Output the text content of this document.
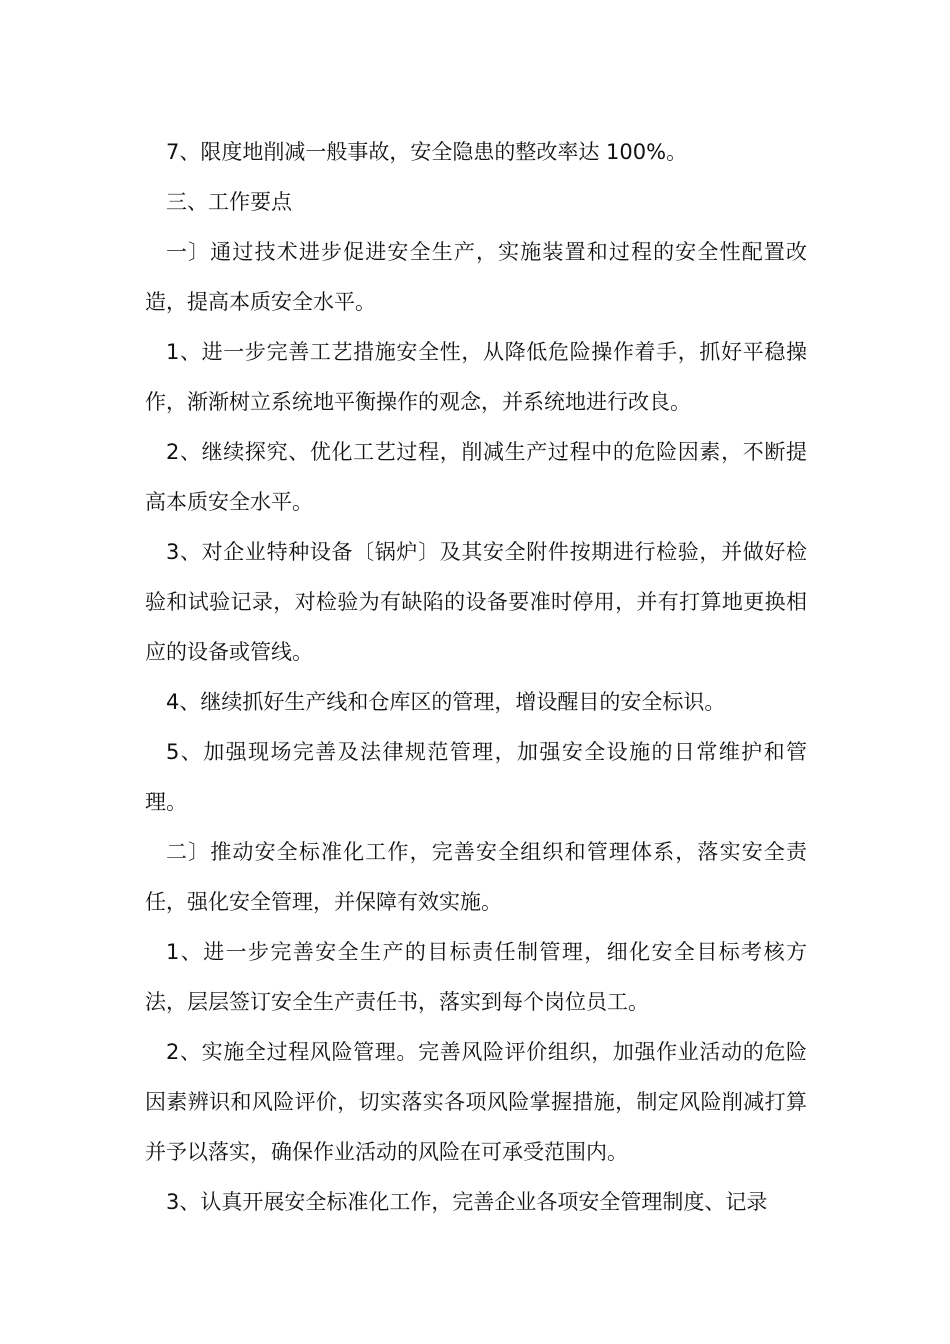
7、限度地削减一般事故，安全隐患的整改率达 100%。

三、工作要点

一〕通过技术进步促进安全生产，实施装置和过程的安全性配置改造，提高本质安全水平。

1、进一步完善工艺措施安全性，从降低危险操作着手，抓好平稳操作，渐渐树立系统地平衡操作的观念，并系统地进行改良。

2、继续探究、优化工艺过程，削减生产过程中的危险因素，不断提高本质安全水平。

3、对企业特种设备〔锅炉〕及其安全附件按期进行检验，并做好检验和试验记录，对检验为有缺陷的设备要准时停用，并有打算地更换相应的设备或管线。

4、继续抓好生产线和仓库区的管理，增设醒目的安全标识。

5、加强现场完善及法律规范管理，加强安全设施的日常维护和管理。

二〕推动安全标准化工作，完善安全组织和管理体系，落实安全责任，强化安全管理，并保障有效实施。

1、进一步完善安全生产的目标责任制管理，细化安全目标考核方法，层层签订安全生产责任书，落实到每个岗位员工。

2、实施全过程风险管理。完善风险评价组织，加强作业活动的危险因素辨识和风险评价，切实落实各项风险掌握措施，制定风险削减打算并予以落实，确保作业活动的风险在可承受范围内。

3、认真开展安全标准化工作，完善企业各项安全管理制度、记录
